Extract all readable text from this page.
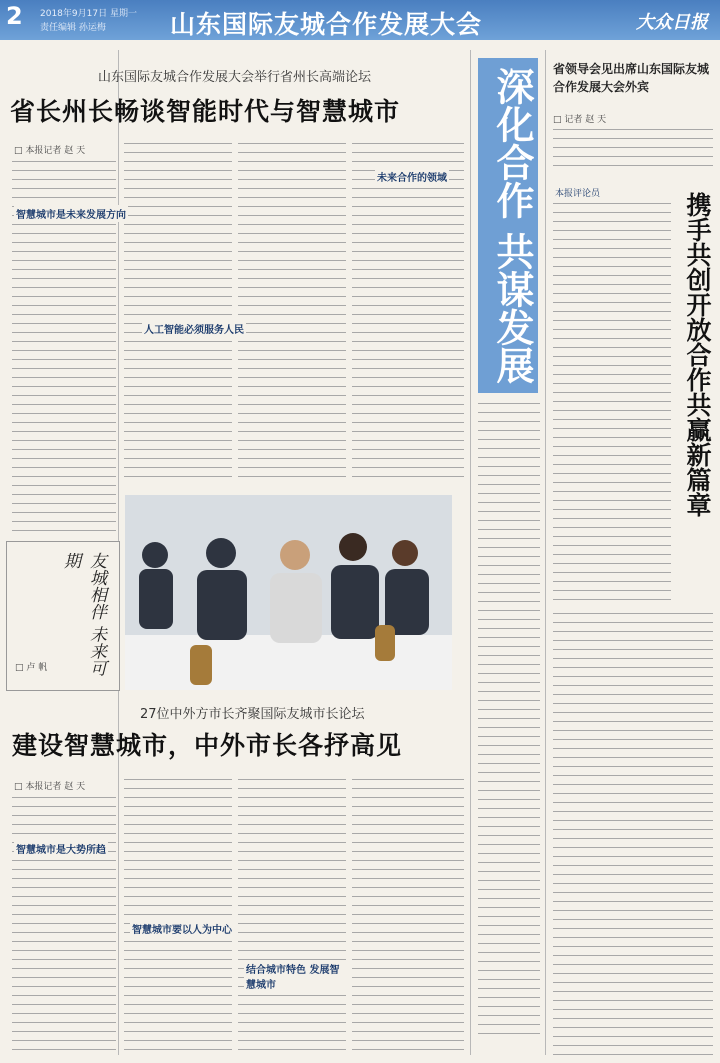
2 2018年9月17日 星期一
责任编辑 孙运梅	山东国际友城合作发展大会	大众日报
山东国际友城合作发展大会举行省州长高端论坛
省长州长畅谈智能时代与智慧城市
□ 本报记者 赵 天
智慧城市是未来发展方向
人工智能必须服务人民
未来合作的领域	深化合作 共谋发展
友城相伴 未来可期
□ 卢 帆
27位中外方市长齐聚国际友城市长论坛
建设智慧城市，中外市长各抒高见
□ 本报记者 赵 天
智慧城市是大势所趋
智慧城市要以人为中心
结合城市特色 发展智慧城市
省领导会见出席山东国际友城合作发展大会外宾
□ 记者 赵 天
本报评论员	携手共创开放合作共赢新篇章
